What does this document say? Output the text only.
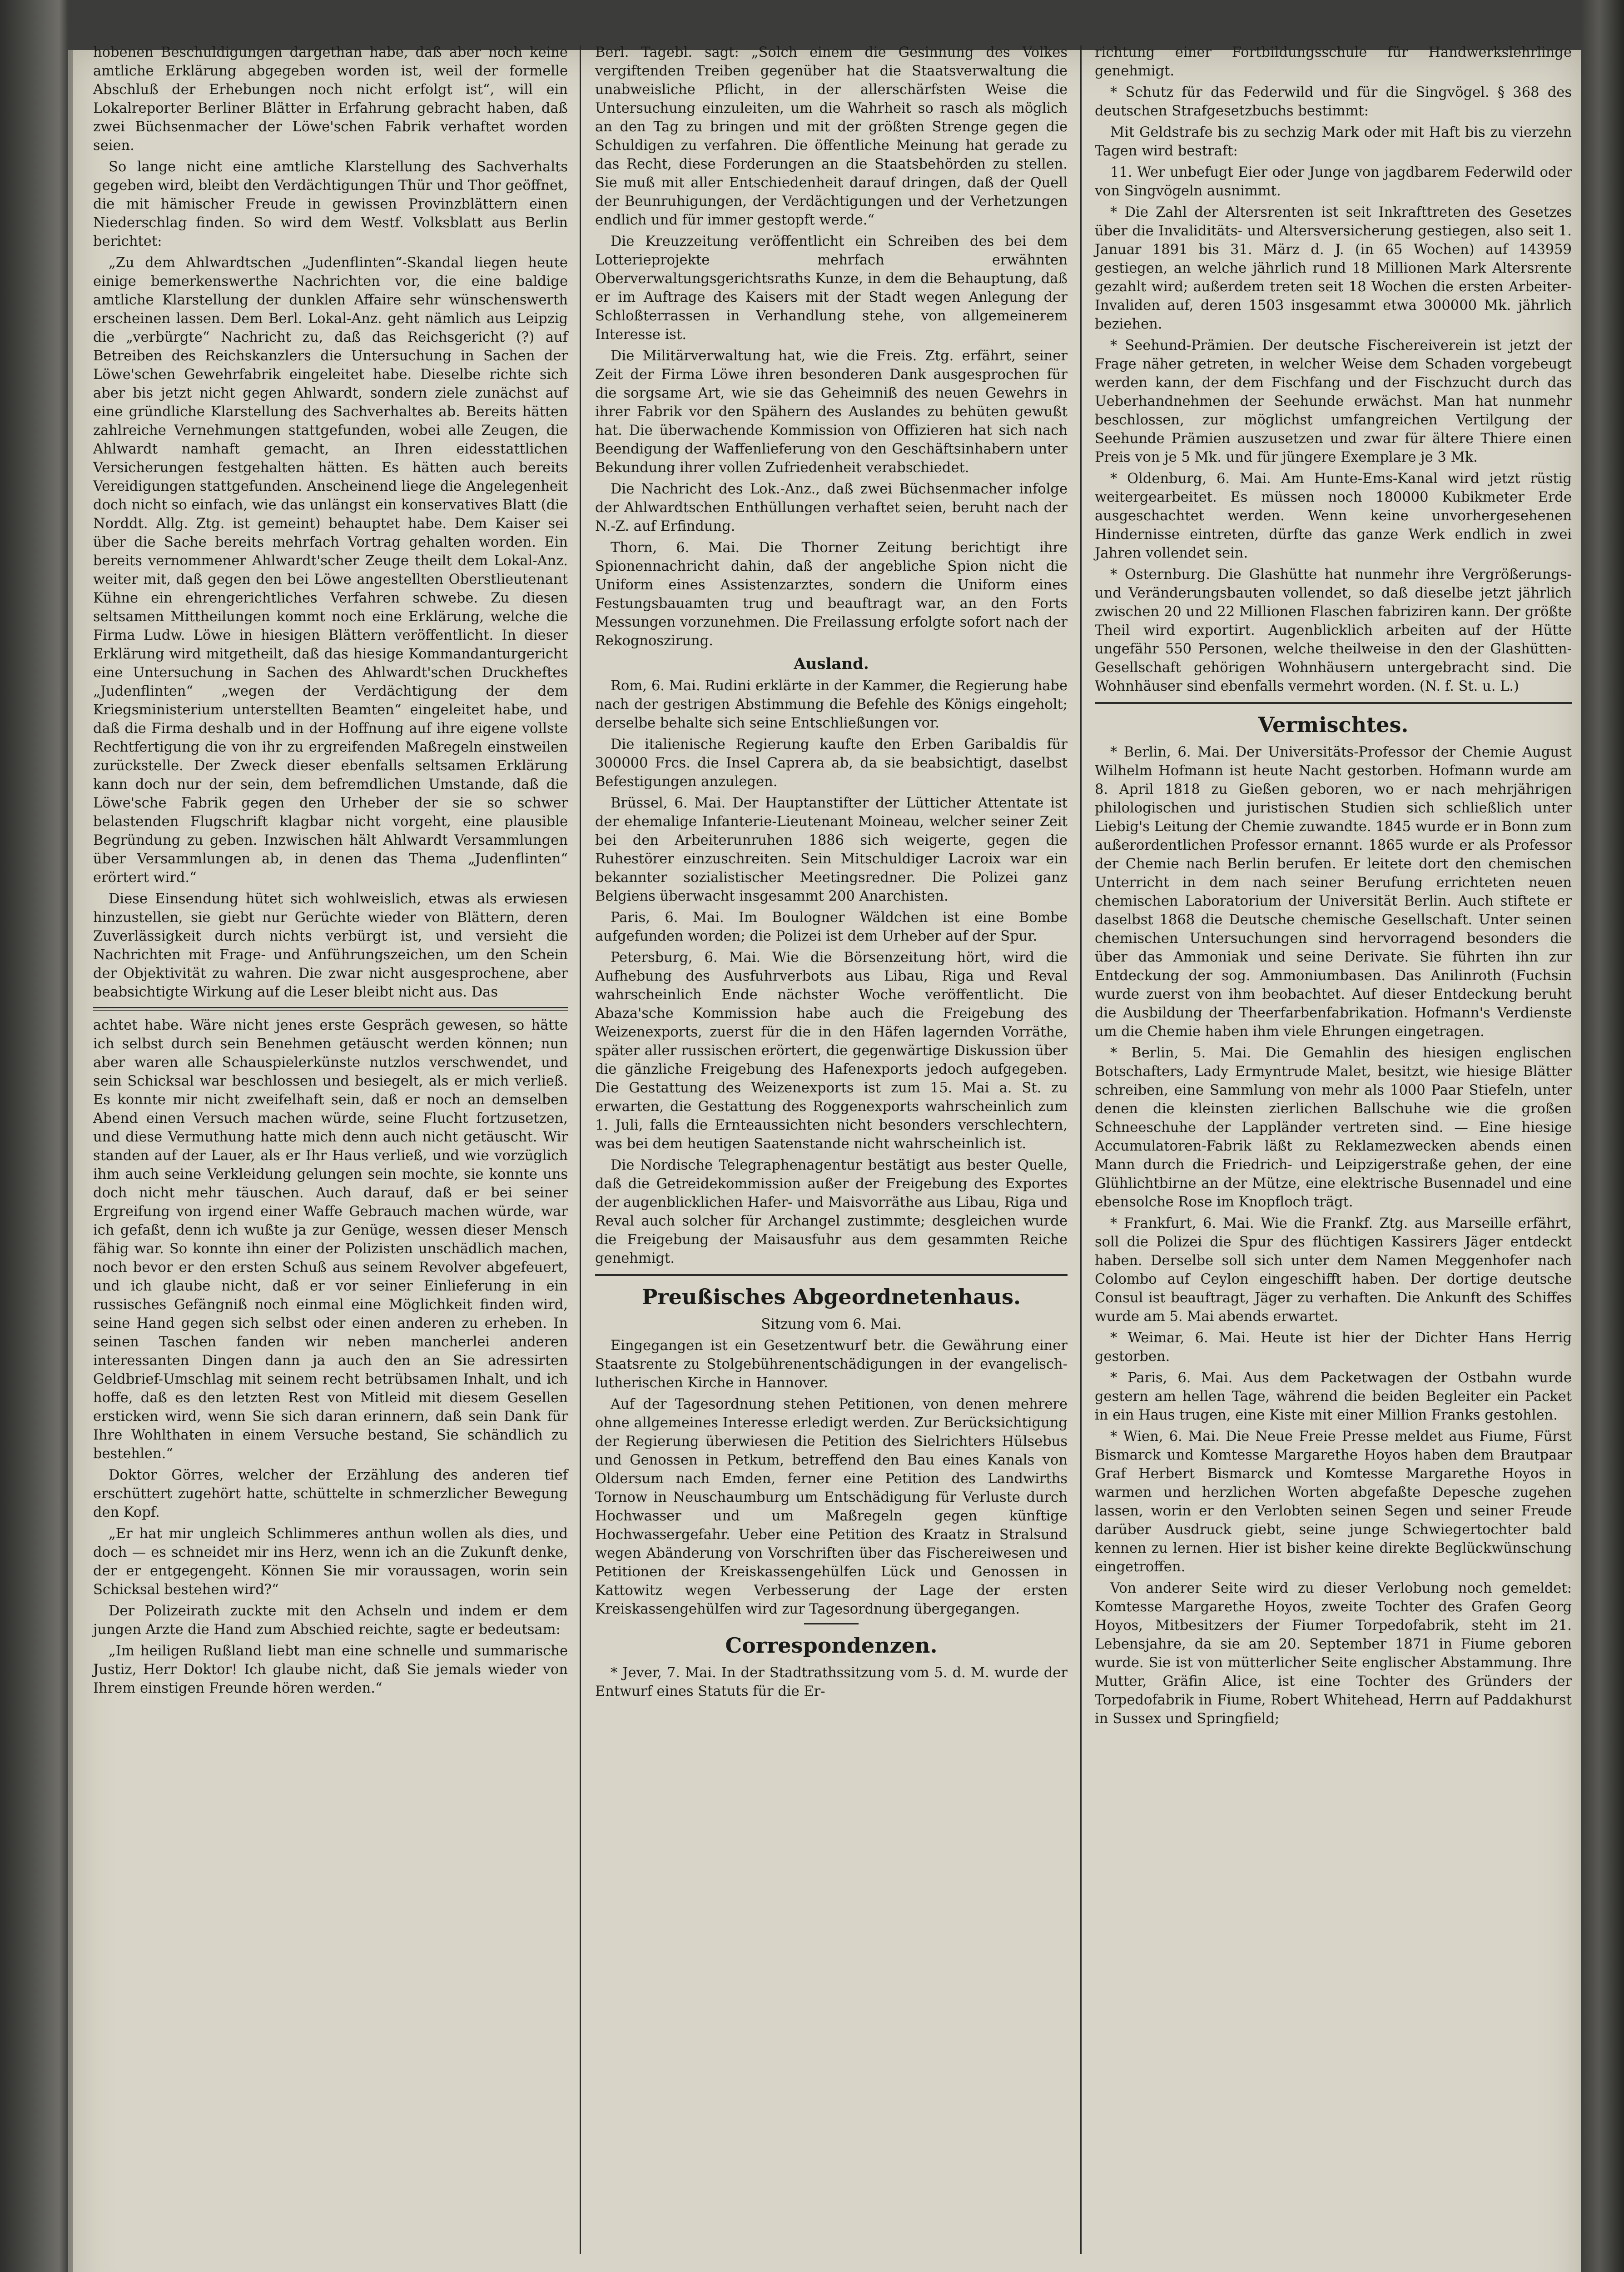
hobenen Beschuldigungen dargethan habe, daß aber noch keine amtliche Erklärung abgegeben worden ist, weil der formelle Abschluß der Erhebungen noch nicht erfolgt ist“, will ein Lokalreporter Berliner Blätter in Erfahrung gebracht haben, daß zwei Büchsenmacher der Löwe'schen Fabrik verhaftet worden seien.

So lange nicht eine amtliche Klarstellung des Sachverhalts gegeben wird, bleibt den Verdächtigungen Thür und Thor geöffnet, die mit hämischer Freude in gewissen Provinzblättern einen Niederschlag finden. So wird dem Westf. Volksblatt aus Berlin berichtet:

„Zu dem Ahlwardtschen „Judenflinten“-Skandal liegen heute einige bemerkenswerthe Nachrichten vor, die eine baldige amtliche Klarstellung der dunklen Affaire sehr wünschenswerth erscheinen lassen. Dem Berl. Lokal-Anz. geht nämlich aus Leipzig die „verbürgte“ Nachricht zu, daß das Reichsgericht (?) auf Betreiben des Reichskanzlers die Untersuchung in Sachen der Löwe'schen Gewehrfabrik eingeleitet habe. Dieselbe richte sich aber bis jetzt nicht gegen Ahlwardt, sondern ziele zunächst auf eine gründliche Klarstellung des Sachverhaltes ab. Bereits hätten zahlreiche Vernehmungen stattgefunden, wobei alle Zeugen, die Ahlwardt namhaft gemacht, an Ihren eidesstattlichen Versicherungen festgehalten hätten. Es hätten auch bereits Vereidigungen stattgefunden. Anscheinend liege die Angelegenheit doch nicht so einfach, wie das unlängst ein konservatives Blatt (die Norddt. Allg. Ztg. ist gemeint) behauptet habe. Dem Kaiser sei über die Sache bereits mehrfach Vortrag gehalten worden. Ein bereits vernommener Ahlwardt'scher Zeuge theilt dem Lokal-Anz. weiter mit, daß gegen den bei Löwe angestellten Oberstlieutenant Kühne ein ehrengerichtliches Verfahren schwebe. Zu diesen seltsamen Mittheilungen kommt noch eine Erklärung, welche die Firma Ludw. Löwe in hiesigen Blättern veröffentlicht. In dieser Erklärung wird mitgetheilt, daß das hiesige Kommandanturgericht eine Untersuchung in Sachen des Ahlwardt'schen Druckheftes „Judenflinten“ „wegen der Verdächtigung der dem Kriegsministerium unterstellten Beamten“ eingeleitet habe, und daß die Firma deshalb und in der Hoffnung auf ihre eigene vollste Rechtfertigung die von ihr zu ergreifenden Maßregeln einstweilen zurückstelle. Der Zweck dieser ebenfalls seltsamen Erklärung kann doch nur der sein, dem befremdlichen Umstande, daß die Löwe'sche Fabrik gegen den Urheber der sie so schwer belastenden Flugschrift klagbar nicht vorgeht, eine plausible Begründung zu geben. Inzwischen hält Ahlwardt Versammlungen über Versammlungen ab, in denen das Thema „Judenflinten“ erörtert wird.“

Diese Einsendung hütet sich wohlweislich, etwas als erwiesen hinzustellen, sie giebt nur Gerüchte wieder von Blättern, deren Zuverlässigkeit durch nichts verbürgt ist, und versieht die Nachrichten mit Frage- und Anführungszeichen, um den Schein der Objektivität zu wahren. Die zwar nicht ausgesprochene, aber beabsichtigte Wirkung auf die Leser bleibt nicht aus. Das

achtet habe. Wäre nicht jenes erste Gespräch gewesen, so hätte ich selbst durch sein Benehmen getäuscht werden können; nun aber waren alle Schauspielerkünste nutzlos verschwendet, und sein Schicksal war beschlossen und besiegelt, als er mich verließ. Es konnte mir nicht zweifelhaft sein, daß er noch an demselben Abend einen Versuch machen würde, seine Flucht fortzusetzen, und diese Vermuthung hatte mich denn auch nicht getäuscht. Wir standen auf der Lauer, als er Ihr Haus verließ, und wie vorzüglich ihm auch seine Verkleidung gelungen sein mochte, sie konnte uns doch nicht mehr täuschen. Auch darauf, daß er bei seiner Ergreifung von irgend einer Waffe Gebrauch machen würde, war ich gefaßt, denn ich wußte ja zur Genüge, wessen dieser Mensch fähig war. So konnte ihn einer der Polizisten unschädlich machen, noch bevor er den ersten Schuß aus seinem Revolver abgefeuert, und ich glaube nicht, daß er vor seiner Einlieferung in ein russisches Gefängniß noch einmal eine Möglichkeit finden wird, seine Hand gegen sich selbst oder einen anderen zu erheben. In seinen Taschen fanden wir neben mancherlei anderen interessanten Dingen dann ja auch den an Sie adressirten Geldbrief-Umschlag mit seinem recht betrübsamen Inhalt, und ich hoffe, daß es den letzten Rest von Mitleid mit diesem Gesellen ersticken wird, wenn Sie sich daran erinnern, daß sein Dank für Ihre Wohlthaten in einem Versuche bestand, Sie schändlich zu bestehlen.“

Doktor Görres, welcher der Erzählung des anderen tief erschüttert zugehört hatte, schüttelte in schmerzlicher Bewegung den Kopf.

„Er hat mir ungleich Schlimmeres anthun wollen als dies, und doch — es schneidet mir ins Herz, wenn ich an die Zukunft denke, der er entgegengeht. Können Sie mir voraussagen, worin sein Schicksal bestehen wird?“

Der Polizeirath zuckte mit den Achseln und indem er dem jungen Arzte die Hand zum Abschied reichte, sagte er bedeutsam:

„Im heiligen Rußland liebt man eine schnelle und summarische Justiz, Herr Doktor! Ich glaube nicht, daß Sie jemals wieder von Ihrem einstigen Freunde hören werden.“

Berl. Tagebl. sagt: „Solch einem die Gesinnung des Volkes vergiftenden Treiben gegenüber hat die Staatsverwaltung die unabweisliche Pflicht, in der allerschärfsten Weise die Untersuchung einzuleiten, um die Wahrheit so rasch als möglich an den Tag zu bringen und mit der größten Strenge gegen die Schuldigen zu verfahren. Die öffentliche Meinung hat gerade zu das Recht, diese Forderungen an die Staatsbehörden zu stellen. Sie muß mit aller Entschiedenheit darauf dringen, daß der Quell der Beunruhigungen, der Verdächtigungen und der Verhetzungen endlich und für immer gestopft werde.“

Die Kreuzzeitung veröffentlicht ein Schreiben des bei dem Lotterieprojekte mehrfach erwähnten Oberverwaltungsgerichtsraths Kunze, in dem die Behauptung, daß er im Auftrage des Kaisers mit der Stadt wegen Anlegung der Schloßterrassen in Verhandlung stehe, von allgemeinerem Interesse ist.

Die Militärverwaltung hat, wie die Freis. Ztg. erfährt, seiner Zeit der Firma Löwe ihren besonderen Dank ausgesprochen für die sorgsame Art, wie sie das Geheimniß des neuen Gewehrs in ihrer Fabrik vor den Spähern des Auslandes zu behüten gewußt hat. Die überwachende Kommission von Offizieren hat sich nach Beendigung der Waffenlieferung von den Geschäftsinhabern unter Bekundung ihrer vollen Zufriedenheit verabschiedet.

Die Nachricht des Lok.-Anz., daß zwei Büchsenmacher infolge der Ahlwardtschen Enthüllungen verhaftet seien, beruht nach der N.-Z. auf Erfindung.

Thorn, 6. Mai. Die Thorner Zeitung berichtigt ihre Spionennachricht dahin, daß der angebliche Spion nicht die Uniform eines Assistenzarztes, sondern die Uniform eines Festungsbauamten trug und beauftragt war, an den Forts Messungen vorzunehmen. Die Freilassung erfolgte sofort nach der Rekognoszirung.

Ausland.

Rom, 6. Mai. Rudini erklärte in der Kammer, die Regierung habe nach der gestrigen Abstimmung die Befehle des Königs eingeholt; derselbe behalte sich seine Entschließungen vor.

Die italienische Regierung kaufte den Erben Garibaldis für 300000 Frcs. die Insel Caprera ab, da sie beabsichtigt, daselbst Befestigungen anzulegen.

Brüssel, 6. Mai. Der Hauptanstifter der Lütticher Attentate ist der ehemalige Infanterie-Lieutenant Moineau, welcher seiner Zeit bei den Arbeiterunruhen 1886 sich weigerte, gegen die Ruhestörer einzuschreiten. Sein Mitschuldiger Lacroix war ein bekannter sozialistischer Meetingsredner. Die Polizei ganz Belgiens überwacht insgesammt 200 Anarchisten.

Paris, 6. Mai. Im Boulogner Wäldchen ist eine Bombe aufgefunden worden; die Polizei ist dem Urheber auf der Spur.

Petersburg, 6. Mai. Wie die Börsenzeitung hört, wird die Aufhebung des Ausfuhrverbots aus Libau, Riga und Reval wahrscheinlich Ende nächster Woche veröffentlicht. Die Abaza'sche Kommission habe auch die Freigebung des Weizenexports, zuerst für die in den Häfen lagernden Vorräthe, später aller russischen erörtert, die gegenwärtige Diskussion über die gänzliche Freigebung des Hafenexports jedoch aufgegeben. Die Gestattung des Weizenexports ist zum 15. Mai a. St. zu erwarten, die Gestattung des Roggenexports wahrscheinlich zum 1. Juli, falls die Ernteaussichten nicht besonders verschlechtern, was bei dem heutigen Saatenstande nicht wahrscheinlich ist.

Die Nordische Telegraphenagentur bestätigt aus bester Quelle, daß die Getreidekommission außer der Freigebung des Exportes der augenblicklichen Hafer- und Maisvorräthe aus Libau, Riga und Reval auch solcher für Archangel zustimmte; desgleichen wurde die Freigebung der Maisausfuhr aus dem gesammten Reiche genehmigt.

Preußisches Abgeordnetenhaus.

Sitzung vom 6. Mai.

Eingegangen ist ein Gesetzentwurf betr. die Gewährung einer Staatsrente zu Stolgebührenentschädigungen in der evangelisch-lutherischen Kirche in Hannover.

Auf der Tagesordnung stehen Petitionen, von denen mehrere ohne allgemeines Interesse erledigt werden. Zur Berücksichtigung der Regierung überwiesen die Petition des Sielrichters Hülsebus und Genossen in Petkum, betreffend den Bau eines Kanals von Oldersum nach Emden, ferner eine Petition des Landwirths Tornow in Neuschaumburg um Entschädigung für Verluste durch Hochwasser und um Maßregeln gegen künftige Hochwassergefahr. Ueber eine Petition des Kraatz in Stralsund wegen Abänderung von Vorschriften über das Fischereiwesen und Petitionen der Kreiskassengehülfen Lück und Genossen in Kattowitz wegen Verbesserung der Lage der ersten Kreiskassengehülfen wird zur Tagesordnung übergegangen.

Correspondenzen.

* Jever, 7. Mai. In der Stadtrathssitzung vom 5. d. M. wurde der Entwurf eines Statuts für die Er-

richtung einer Fortbildungsschule für Handwerkslehrlinge genehmigt.

* Schutz für das Federwild und für die Singvögel. § 368 des deutschen Strafgesetzbuchs bestimmt:

Mit Geldstrafe bis zu sechzig Mark oder mit Haft bis zu vierzehn Tagen wird bestraft:

11. Wer unbefugt Eier oder Junge von jagdbarem Federwild oder von Singvögeln ausnimmt.

* Die Zahl der Altersrenten ist seit Inkrafttreten des Gesetzes über die Invaliditäts- und Altersversicherung gestiegen, also seit 1. Januar 1891 bis 31. März d. J. (in 65 Wochen) auf 143959 gestiegen, an welche jährlich rund 18 Millionen Mark Altersrente gezahlt wird; außerdem treten seit 18 Wochen die ersten Arbeiter-Invaliden auf, deren 1503 insgesammt etwa 300000 Mk. jährlich beziehen.

* Seehund-Prämien. Der deutsche Fischereiverein ist jetzt der Frage näher getreten, in welcher Weise dem Schaden vorgebeugt werden kann, der dem Fischfang und der Fischzucht durch das Ueberhandnehmen der Seehunde erwächst. Man hat nunmehr beschlossen, zur möglichst umfangreichen Vertilgung der Seehunde Prämien auszusetzen und zwar für ältere Thiere einen Preis von je 5 Mk. und für jüngere Exemplare je 3 Mk.

* Oldenburg, 6. Mai. Am Hunte-Ems-Kanal wird jetzt rüstig weitergearbeitet. Es müssen noch 180000 Kubikmeter Erde ausgeschachtet werden. Wenn keine unvorhergesehenen Hindernisse eintreten, dürfte das ganze Werk endlich in zwei Jahren vollendet sein.

* Osternburg. Die Glashütte hat nunmehr ihre Vergrößerungs- und Veränderungsbauten vollendet, so daß dieselbe jetzt jährlich zwischen 20 und 22 Millionen Flaschen fabriziren kann. Der größte Theil wird exportirt. Augenblicklich arbeiten auf der Hütte ungefähr 550 Personen, welche theilweise in den der Glashütten-Gesellschaft gehörigen Wohnhäusern untergebracht sind. Die Wohnhäuser sind ebenfalls vermehrt worden. (N. f. St. u. L.)

Vermischtes.

* Berlin, 6. Mai. Der Universitäts-Professor der Chemie August Wilhelm Hofmann ist heute Nacht gestorben. Hofmann wurde am 8. April 1818 zu Gießen geboren, wo er nach mehrjährigen philologischen und juristischen Studien sich schließlich unter Liebig's Leitung der Chemie zuwandte. 1845 wurde er in Bonn zum außerordentlichen Professor ernannt. 1865 wurde er als Professor der Chemie nach Berlin berufen. Er leitete dort den chemischen Unterricht in dem nach seiner Berufung errichteten neuen chemischen Laboratorium der Universität Berlin. Auch stiftete er daselbst 1868 die Deutsche chemische Gesellschaft. Unter seinen chemischen Untersuchungen sind hervorragend besonders die über das Ammoniak und seine Derivate. Sie führten ihn zur Entdeckung der sog. Ammoniumbasen. Das Anilinroth (Fuchsin wurde zuerst von ihm beobachtet. Auf dieser Entdeckung beruht die Ausbildung der Theerfarbenfabrikation. Hofmann's Verdienste um die Chemie haben ihm viele Ehrungen eingetragen.

* Berlin, 5. Mai. Die Gemahlin des hiesigen englischen Botschafters, Lady Ermyntrude Malet, besitzt, wie hiesige Blätter schreiben, eine Sammlung von mehr als 1000 Paar Stiefeln, unter denen die kleinsten zierlichen Ballschuhe wie die großen Schneeschuhe der Lappländer vertreten sind. — Eine hiesige Accumulatoren-Fabrik läßt zu Reklamezwecken abends einen Mann durch die Friedrich- und Leipzigerstraße gehen, der eine Glühlichtbirne an der Mütze, eine elektrische Busennadel und eine ebensolche Rose im Knopfloch trägt.

* Frankfurt, 6. Mai. Wie die Frankf. Ztg. aus Marseille erfährt, soll die Polizei die Spur des flüchtigen Kassirers Jäger entdeckt haben. Derselbe soll sich unter dem Namen Meggenhofer nach Colombo auf Ceylon eingeschifft haben. Der dortige deutsche Consul ist beauftragt, Jäger zu verhaften. Die Ankunft des Schiffes wurde am 5. Mai abends erwartet.

* Weimar, 6. Mai. Heute ist hier der Dichter Hans Herrig gestorben.

* Paris, 6. Mai. Aus dem Packetwagen der Ostbahn wurde gestern am hellen Tage, während die beiden Begleiter ein Packet in ein Haus trugen, eine Kiste mit einer Million Franks gestohlen.

* Wien, 6. Mai. Die Neue Freie Presse meldet aus Fiume, Fürst Bismarck und Komtesse Margarethe Hoyos haben dem Brautpaar Graf Herbert Bismarck und Komtesse Margarethe Hoyos in warmen und herzlichen Worten abgefaßte Depesche zugehen lassen, worin er den Verlobten seinen Segen und seiner Freude darüber Ausdruck giebt, seine junge Schwiegertochter bald kennen zu lernen. Hier ist bisher keine direkte Beglückwünschung eingetroffen.

Von anderer Seite wird zu dieser Verlobung noch gemeldet: Komtesse Margarethe Hoyos, zweite Tochter des Grafen Georg Hoyos, Mitbesitzers der Fiumer Torpedofabrik, steht im 21. Lebensjahre, da sie am 20. September 1871 in Fiume geboren wurde. Sie ist von mütterlicher Seite englischer Abstammung. Ihre Mutter, Gräfin Alice, ist eine Tochter des Gründers der Torpedofabrik in Fiume, Robert Whitehead, Herrn auf Paddakhurst in Sussex und Springfield;
